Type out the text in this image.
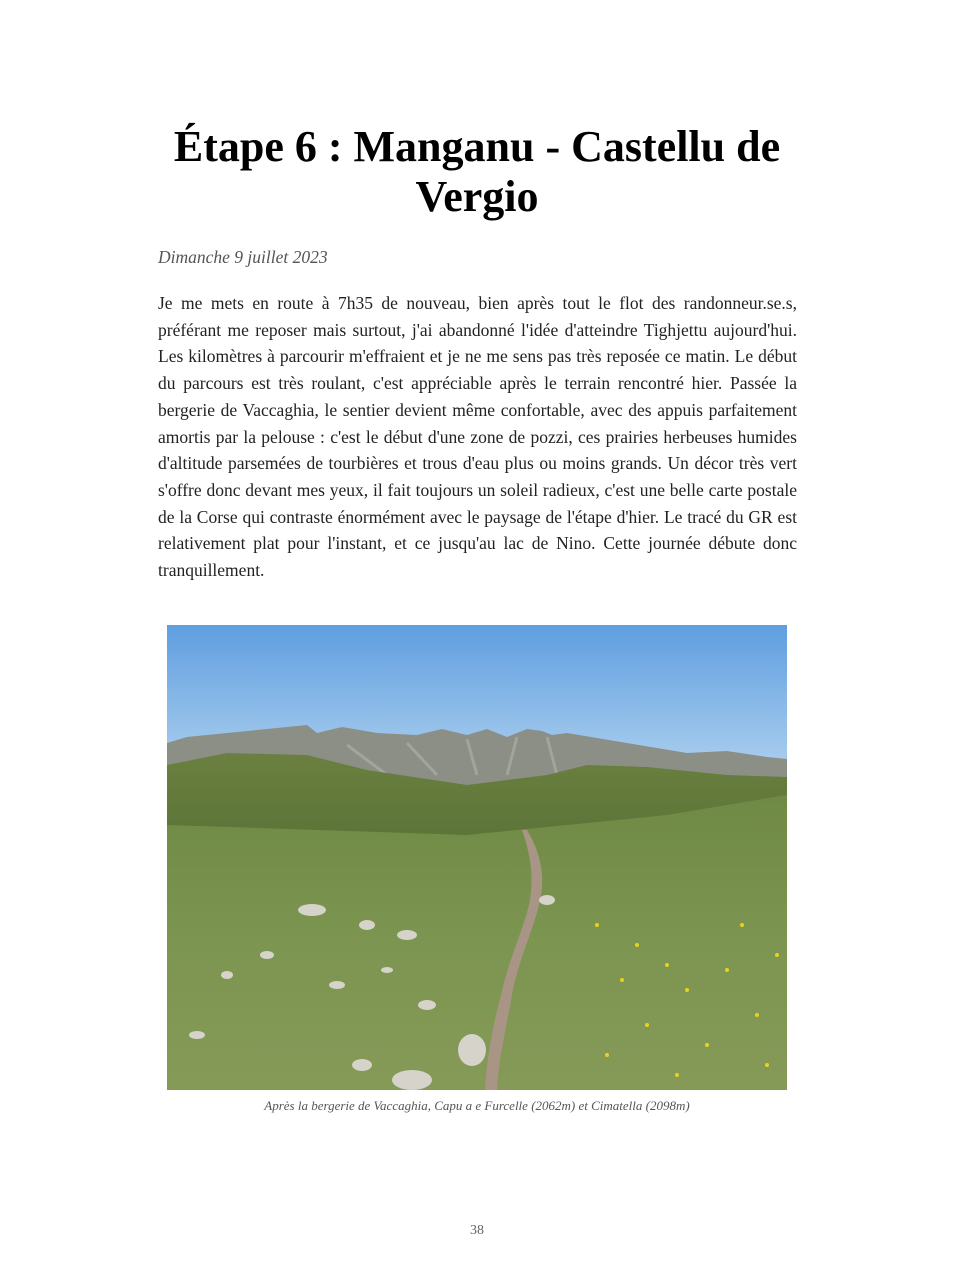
Étape 6 : Manganu - Castellu de
Vergio
Dimanche 9 juillet 2023

Je me mets en route à 7h35 de nouveau, bien après tout le flot des randonneur.se.s, préférant me reposer mais surtout, j'ai abandonné l'idée d'atteindre Tighjettu aujourd'hui. Les kilomètres à parcourir m'effraient et je ne me sens pas très reposée ce matin. Le début du parcours est très roulant, c'est appréciable après le terrain rencontré hier. Passée la bergerie de Vaccaghia, le sentier devient même confortable, avec des appuis parfaitement amortis par la pelouse : c'est le début d'une zone de pozzi, ces prairies herbeuses humides d'altitude parsemées de tourbières et trous d'eau plus ou moins grands. Un décor très vert s'offre donc devant mes yeux, il fait toujours un soleil radieux, c'est une belle carte postale de la Corse qui contraste énormément avec le paysage de l'étape d'hier. Le tracé du GR est relativement plat pour l'instant, et ce jusqu'au lac de Nino. Cette journée débute donc tranquillement.

Après la bergerie de Vaccaghia, Capu a e Furcelle (2062m) et Cimatella (2098m)
38
